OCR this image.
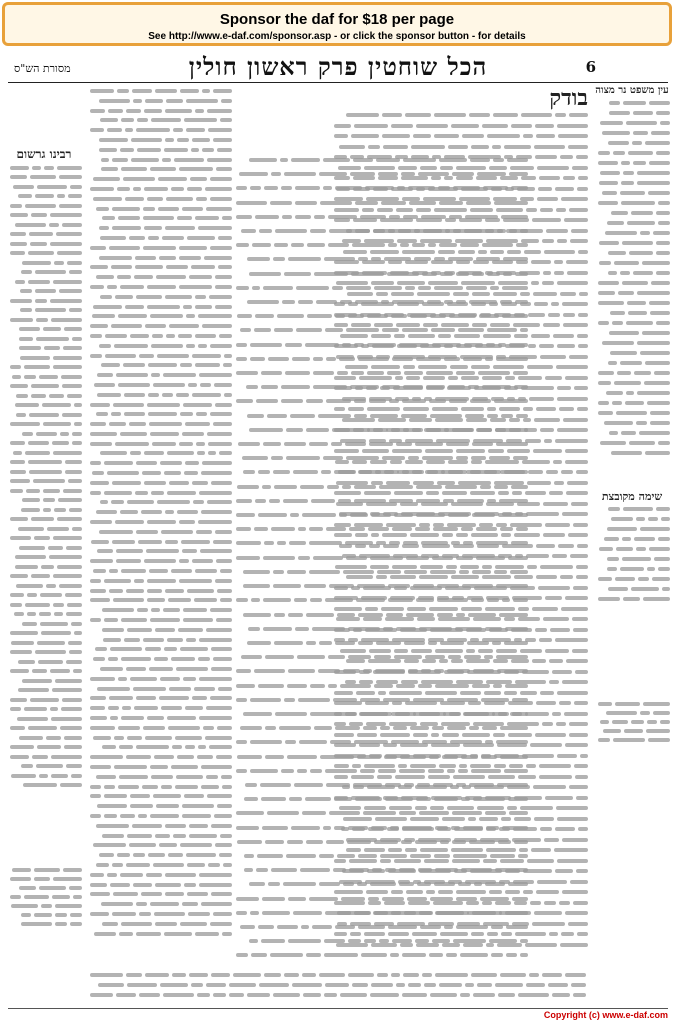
Sponsor the daf for $18 per page
See http://www.e-daf.com/sponsor.asp - or click the sponsor button - for details
מסורת הש"ס	הכל שוחטין פרק ראשון חולין	6
עין משפט נר מצוה
שימה מקובצת
בודק
רבינו גרשום
Copyright (c) www.e-daf.com
